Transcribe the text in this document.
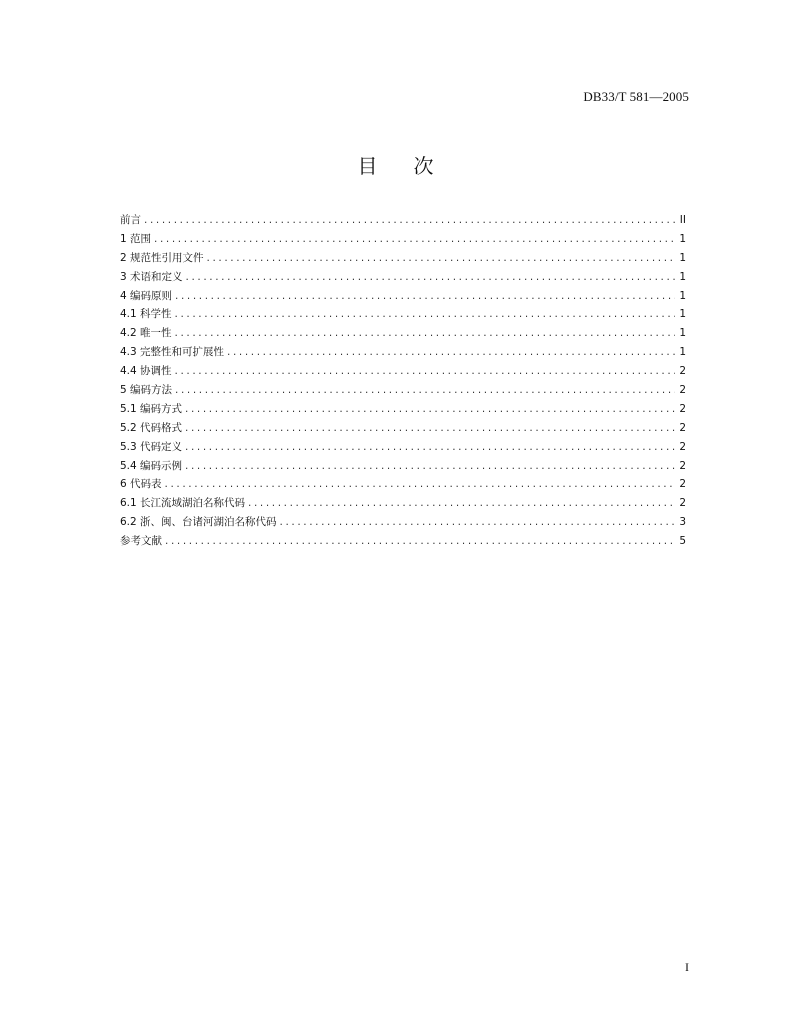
DB33/T 581—2005
目 次
前言 .....	II
1 范围 .....	1
2 规范性引用文件 .....	1
3 术语和定义 .....	1
4 编码原则 .....	1
4.1 科学性 .....	1
4.2 唯一性 .....	1
4.3 完整性和可扩展性 .....	1
4.4 协调性 .....	2
5 编码方法 .....	2
5.1 编码方式 .....	2
5.2 代码格式 .....	2
5.3 代码定义 .....	2
5.4 编码示例 .....	2
6 代码表 .....	2
6.1 长江流域湖泊名称代码 .....	2
6.2 浙、闽、台诸河湖泊名称代码 .....	3
参考文献 .....	5
I
